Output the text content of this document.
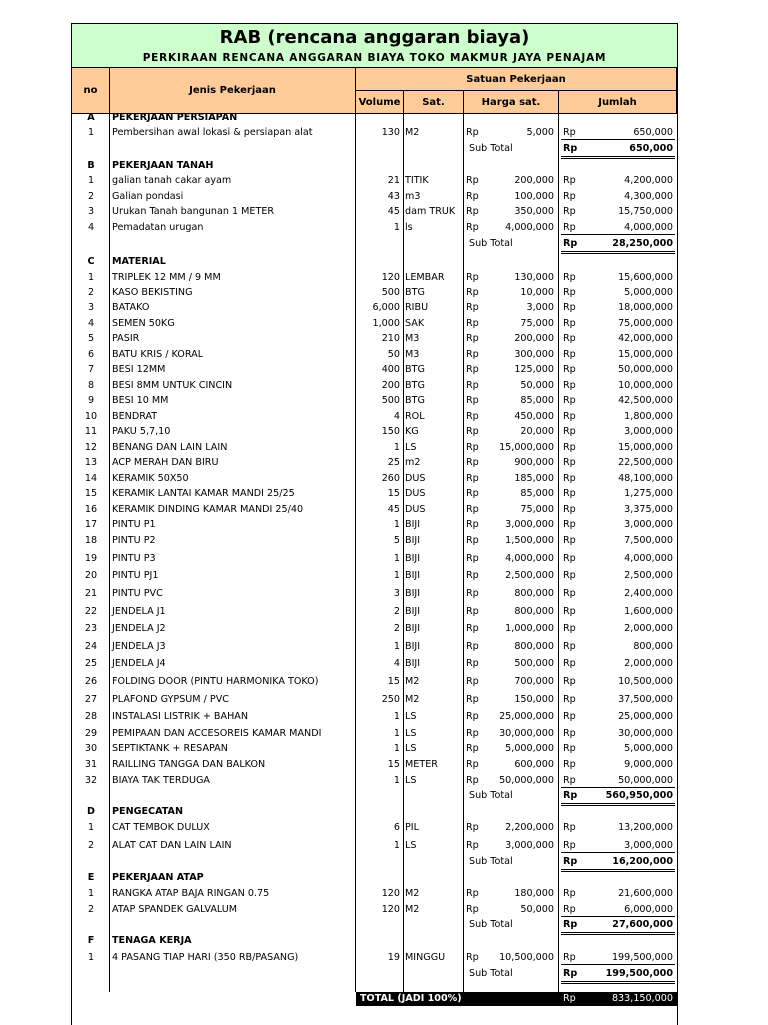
RAB (rencana anggaran biaya)
PERKIRAAN RENCANA ANGGARAN BIAYA TOKO MAKMUR JAYA PENAJAM
no	Jenis Pekerjaan
Satuan Pekerjaan
Volume	Sat.	Harga sat.	Jumlah
A	PEKERJAAN PERSIAPAN
1	Pembersihan awal lokasi & persiapan alat	130 M2	Rp	5,000 Rp	650,000
Sub Total	Rp	650,000
B	PEKERJAAN TANAH
1	galian tanah cakar ayam	21 TITIK	Rp	200,000 Rp	4,200,000
2	Galian pondasi	43 m3	Rp	100,000 Rp	4,300,000
3	Urukan Tanah bangunan 1 METER	45 dam TRUK	Rp	350,000 Rp	15,750,000
4	Pemadatan urugan	1 ls	Rp	4,000,000 Rp	4,000,000
Sub Total	Rp	28,250,000
C	MATERIAL
1	TRIPLEK 12 MM / 9 MM	120 LEMBAR	Rp	130,000 Rp	15,600,000
2	KASO BEKISTING	500 BTG	Rp	10,000 Rp	5,000,000
3	BATAKO	6,000 RIBU	Rp	3,000 Rp	18,000,000
4	SEMEN 50KG	1,000 SAK	Rp	75,000 Rp	75,000,000
5	PASIR	210 M3	Rp	200,000 Rp	42,000,000
6	BATU KRIS / KORAL	50 M3	Rp	300,000 Rp	15,000,000
7	BESI 12MM	400 BTG	Rp	125,000 Rp	50,000,000
8	BESI 8MM UNTUK CINCIN	200 BTG	Rp	50,000 Rp	10,000,000
9	BESI 10 MM	500 BTG	Rp	85,000 Rp	42,500,000
10	BENDRAT	4 ROL	Rp	450,000 Rp	1,800,000
11	PAKU 5,7,10	150 KG	Rp	20,000 Rp	3,000,000
12	BENANG DAN LAIN LAIN	1 LS	Rp	15,000,000 Rp	15,000,000
13	ACP MERAH DAN BIRU	25 m2	Rp	900,000 Rp	22,500,000
14	KERAMIK 50X50	260 DUS	Rp	185,000 Rp	48,100,000
15	KERAMIK LANTAI KAMAR MANDI 25/25	15 DUS	Rp	85,000 Rp	1,275,000
16	KERAMIK DINDING KAMAR MANDI 25/40	45 DUS	Rp	75,000 Rp	3,375,000
17	PINTU P1	1 BIJI	Rp	3,000,000 Rp	3,000,000
18	PINTU P2	5 BIJI	Rp	1,500,000 Rp	7,500,000
19	PINTU P3	1 BIJI	Rp	4,000,000 Rp	4,000,000
20	PINTU PJ1	1 BIJI	Rp	2,500,000 Rp	2,500,000
21	PINTU PVC	3 BIJI	Rp	800,000 Rp	2,400,000
22	JENDELA J1	2 BIJI	Rp	800,000 Rp	1,600,000
23	JENDELA J2	2 BIJI	Rp	1,000,000 Rp	2,000,000
24	JENDELA J3	1 BIJI	Rp	800,000 Rp	800,000
25	JENDELA J4	4 BIJI	Rp	500,000 Rp	2,000,000
26	FOLDING DOOR (PINTU HARMONIKA TOKO)	15 M2	Rp	700,000 Rp	10,500,000
27	PLAFOND GYPSUM / PVC	250 M2	Rp	150,000 Rp	37,500,000
28	INSTALASI LISTRIK + BAHAN	1 LS	Rp	25,000,000 Rp	25,000,000
29	PEMIPAAN DAN ACCESOREIS KAMAR MANDI	1 LS	Rp	30,000,000 Rp	30,000,000
30	SEPTIKTANK + RESAPAN	1 LS	Rp	5,000,000 Rp	5,000,000
31	RAILLING TANGGA DAN BALKON	15 METER	Rp	600,000 Rp	9,000,000
32	BIAYA TAK TERDUGA	1 LS	Rp	50,000,000 Rp	50,000,000
Sub Total	Rp	560,950,000
D	PENGECATAN
1	CAT TEMBOK DULUX	6 PIL	Rp	2,200,000 Rp	13,200,000
2	ALAT CAT DAN LAIN LAIN	1 LS	Rp	3,000,000 Rp	3,000,000
Sub Total	Rp	16,200,000
E	PEKERJAAN ATAP
1	RANGKA ATAP BAJA RINGAN 0.75	120 M2	Rp	180,000 Rp	21,600,000
2	ATAP SPANDEK GALVALUM	120 M2	Rp	50,000 Rp	6,000,000
Sub Total	Rp	27,600,000
F	TENAGA KERJA
1	4 PASANG TIAP HARI (350 RB/PASANG)	19 MINGGU	Rp	10,500,000 Rp	199,500,000
Sub Total	Rp	199,500,000
TOTAL (JADI 100%)	Rp	833,150,000
